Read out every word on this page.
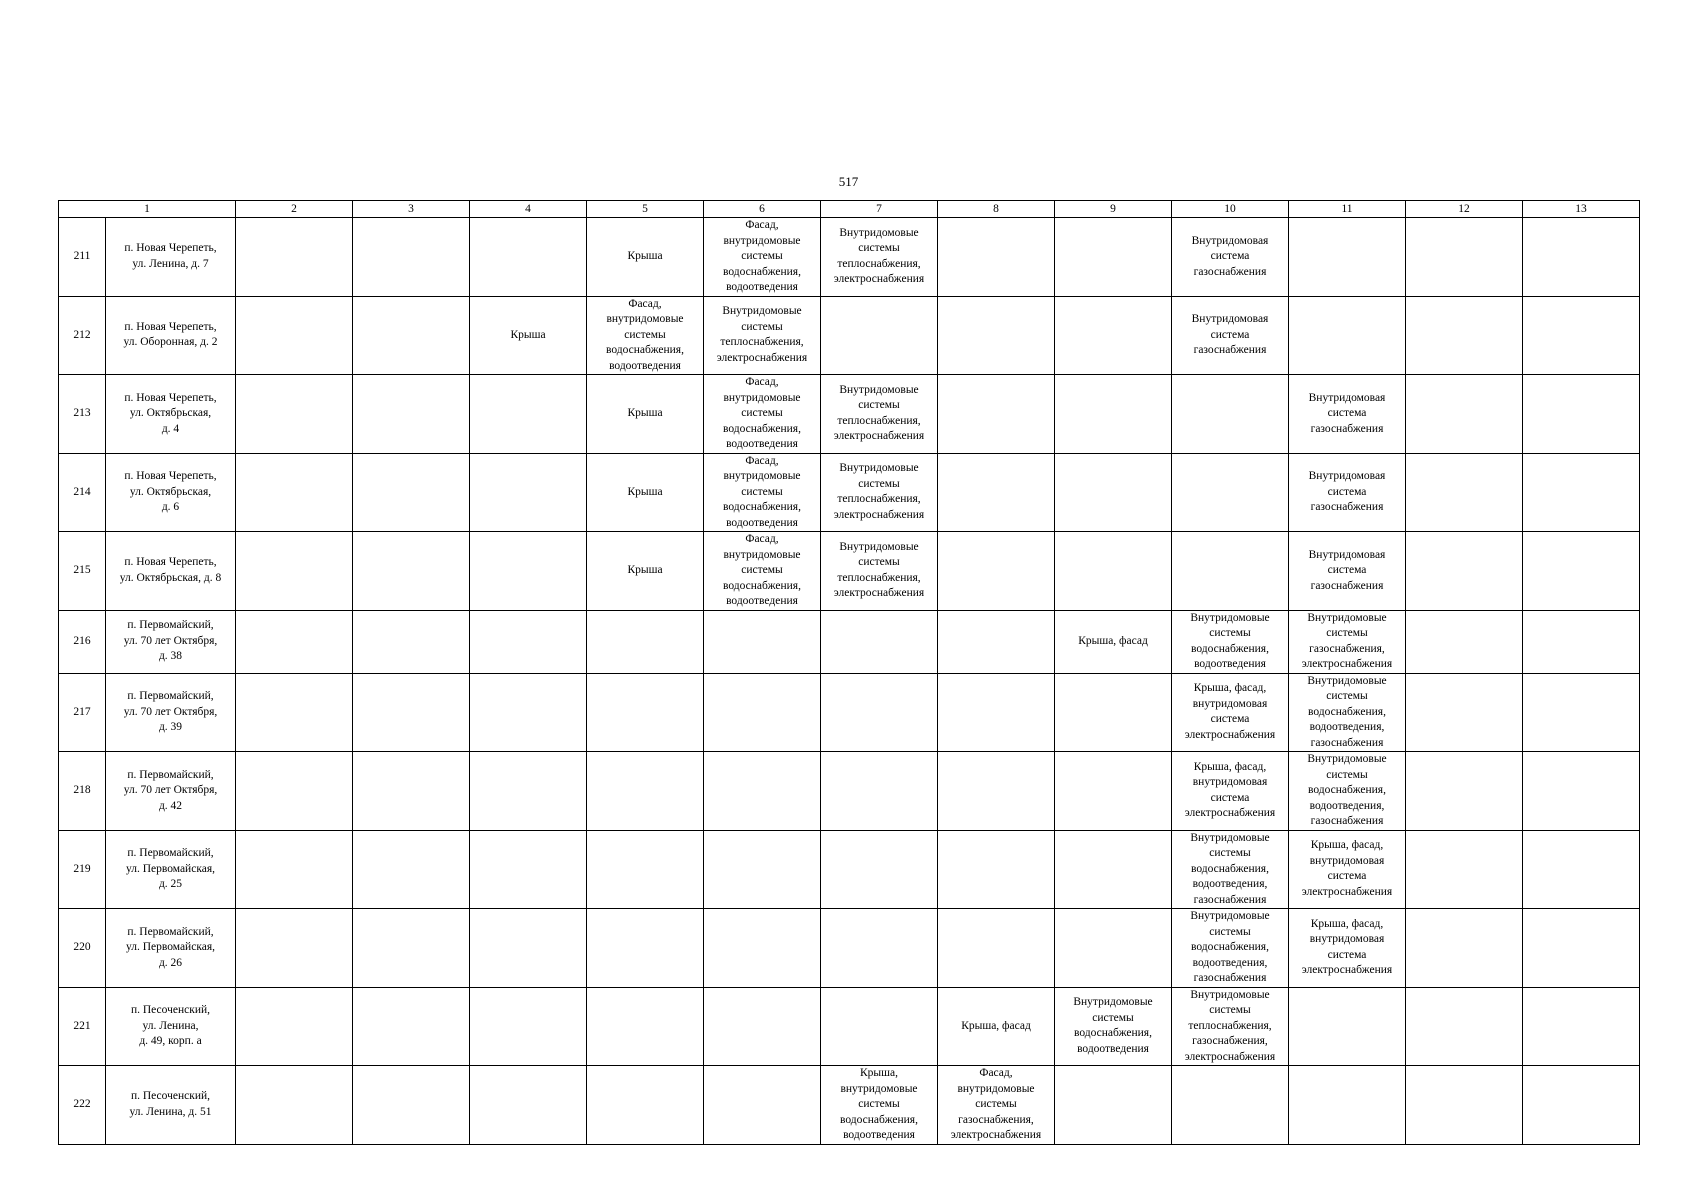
517
1		2	3	4	5	6	7	8	9	10	11	12	13
211	п. Новая Черепеть,
ул. Ленина, д. 7				Крыша	Фасад,
внутридомовые
системы
водоснабжения,
водоотведения	Внутридомовые
системы
теплоснабжения,
электроснабжения			Внутридомовая
система
газоснабжения			
212	п. Новая Черепеть,
ул. Оборонная, д. 2			Крыша	Фасад,
внутридомовые
системы
водоснабжения,
водоотведения	Внутридомовые
системы
теплоснабжения,
электроснабжения				Внутридомовая
система
газоснабжения			
213	п. Новая Черепеть,
ул. Октябрьская,
д. 4				Крыша	Фасад,
внутридомовые
системы
водоснабжения,
водоотведения	Внутридомовые
системы
теплоснабжения,
электроснабжения				Внутридомовая
система
газоснабжения		
214	п. Новая Черепеть,
ул. Октябрьская,
д. 6				Крыша	Фасад,
внутридомовые
системы
водоснабжения,
водоотведения	Внутридомовые
системы
теплоснабжения,
электроснабжения				Внутридомовая
система
газоснабжения		
215	п. Новая Черепеть,
ул. Октябрьская, д. 8				Крыша	Фасад,
внутридомовые
системы
водоснабжения,
водоотведения	Внутридомовые
системы
теплоснабжения,
электроснабжения				Внутридомовая
система
газоснабжения		
216	п. Первомайский,
ул. 70 лет Октября,
д. 38								Крыша, фасад	Внутридомовые
системы
водоснабжения,
водоотведения	Внутридомовые
системы
газоснабжения,
электроснабжения		
217	п. Первомайский,
ул. 70 лет Октября,
д. 39									Крыша, фасад,
внутридомовая
система
электроснабжения	Внутридомовые
системы
водоснабжения,
водоотведения,
газоснабжения		
218	п. Первомайский,
ул. 70 лет Октября,
д. 42									Крыша, фасад,
внутридомовая
система
электроснабжения	Внутридомовые
системы
водоснабжения,
водоотведения,
газоснабжения		
219	п. Первомайский,
ул. Первомайская,
д. 25									Внутридомовые
системы
водоснабжения,
водоотведения,
газоснабжения	Крыша, фасад,
внутридомовая
система
электроснабжения		
220	п. Первомайский,
ул. Первомайская,
д. 26									Внутридомовые
системы
водоснабжения,
водоотведения,
газоснабжения	Крыша, фасад,
внутридомовая
система
электроснабжения		
221	п. Песоченский,
ул. Ленина,
д. 49, корп. а							Крыша, фасад	Внутридомовые
системы
водоснабжения,
водоотведения	Внутридомовые
системы
теплоснабжения,
газоснабжения,
электроснабжения			
222	п. Песоченский,
ул. Ленина, д. 51						Крыша,
внутридомовые
системы
водоснабжения,
водоотведения	Фасад,
внутридомовые
системы
газоснабжения,
электроснабжения					
